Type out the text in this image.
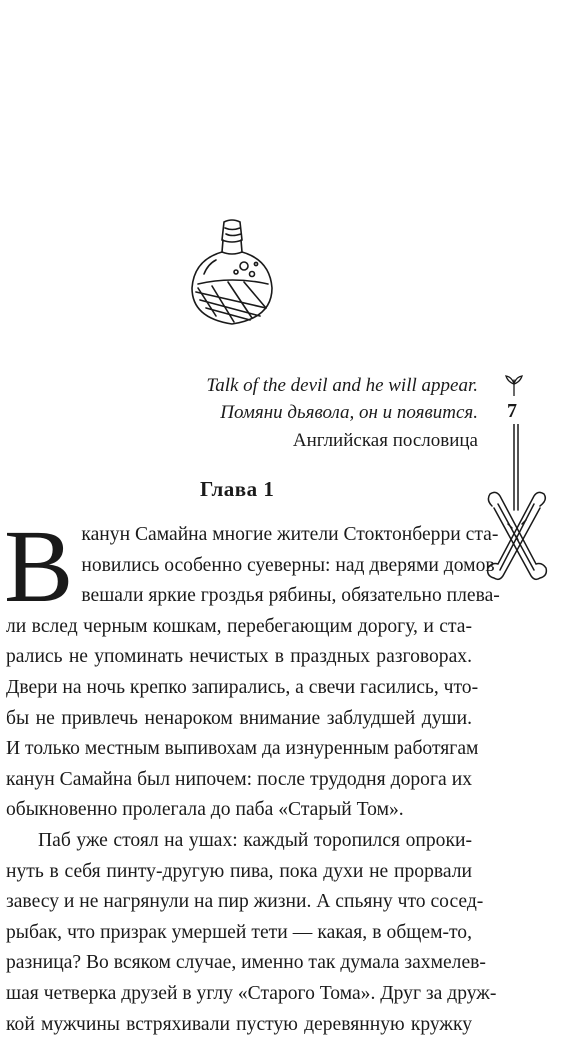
Talk of the devil and he will appear.
Помяни дьявола, он и появится.
Английская пословица
7
Глава 1

В канун Самайна многие жители Стоктонберри ста-
новились особенно суеверны: над дверями домов
вешали яркие гроздья рябины, обязательно плева-
ли вслед черным кошкам, перебегающим дорогу, и ста-
рались не упоминать нечистых в праздных разговорах.
Двери на ночь крепко запирались, а свечи гасились, что-
бы не привлечь ненароком внимание заблудшей души.
И только местным выпивохам да изнуренным работягам
канун Самайна был нипочем: после трудодня дорога их
обыкновенно пролегала до паба «Старый Том».

Паб уже стоял на ушах: каждый торопился опроки-
нуть в себя пинту-другую пива, пока духи не прорвали
завесу и не нагрянули на пир жизни. А спьяну что сосед-
рыбак, что призрак умершей тети — какая, в общем-то,
разница? Во всяком случае, именно так думала захмелев-
шая четверка друзей в углу «Старого Тома». Друг за друж-
кой мужчины встряхивали пустую деревянную кружку
